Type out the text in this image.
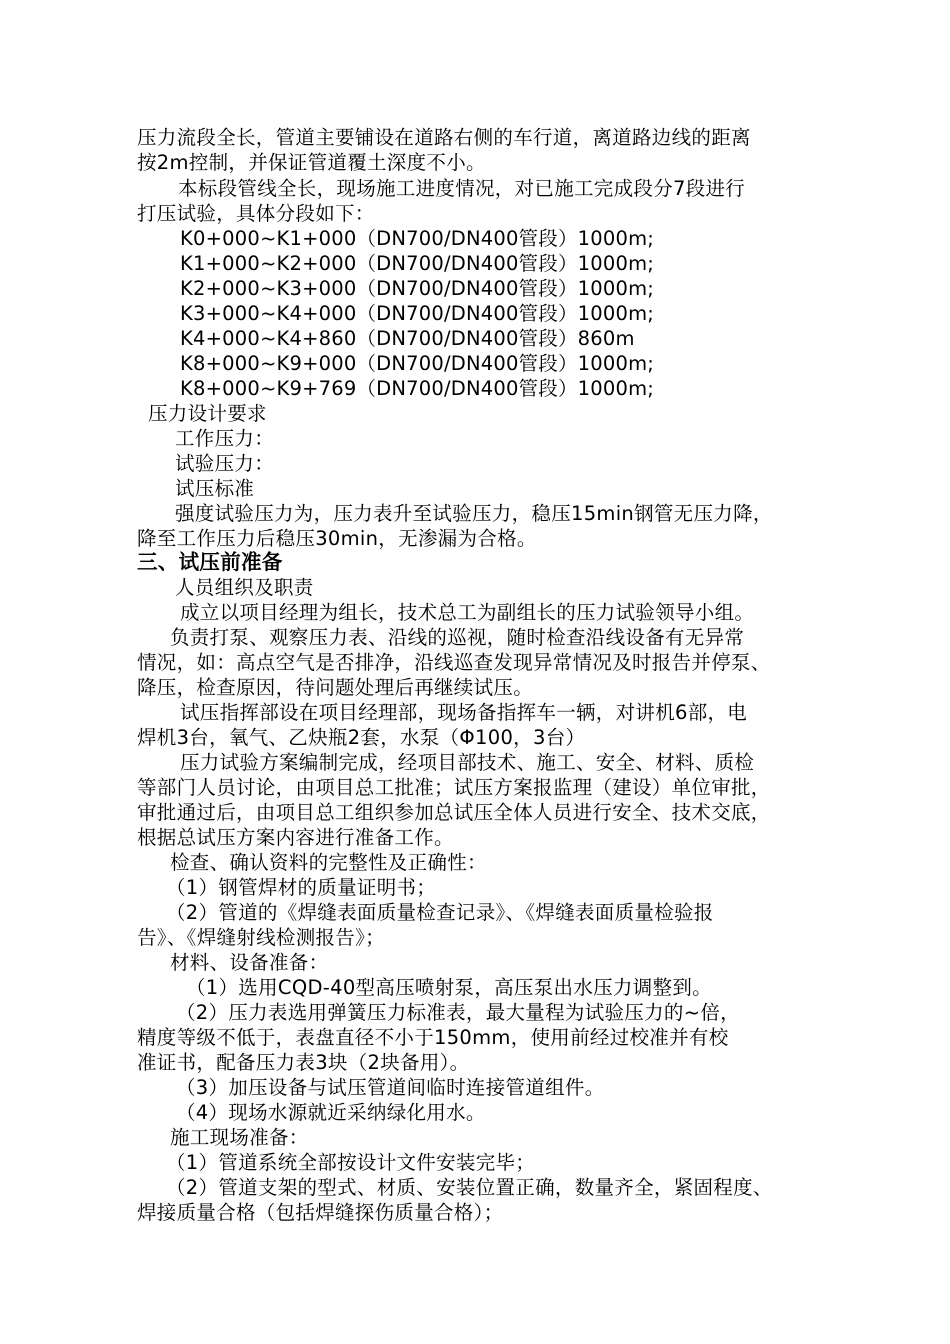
压力流段全长，管道主要铺设在道路右侧的车行道，离道路边线的距离
按2m控制，并保证管道覆土深度不小。
本标段管线全长，现场施工进度情况，对已施工完成段分7段进行
打压试验，具体分段如下：
K0+000~K1+000（DN700/DN400管段）1000m;
K1+000~K2+000（DN700/DN400管段）1000m;
K2+000~K3+000（DN700/DN400管段）1000m;
K3+000~K4+000（DN700/DN400管段）1000m;
K4+000~K4+860（DN700/DN400管段）860m
K8+000~K9+000（DN700/DN400管段）1000m;
K8+000~K9+769（DN700/DN400管段）1000m;
压力设计要求
工作压力：
试验压力：
试压标准
强度试验压力为，压力表升至试验压力，稳压15min钢管无压力降，
降至工作压力后稳压30min，无渗漏为合格。
三、试压前准备
人员组织及职责
成立以项目经理为组长，技术总工为副组长的压力试验领导小组。
负责打泵、观察压力表、沿线的巡视，随时检查沿线设备有无异常
情况，如：高点空气是否排净，沿线巡查发现异常情况及时报告并停泵、
降压，检查原因，待问题处理后再继续试压。
试压指挥部设在项目经理部，现场备指挥车一辆，对讲机6部，电
焊机3台，氧气、乙炔瓶2套，水泵（Φ100，3台）
压力试验方案编制完成，经项目部技术、施工、安全、材料、质检
等部门人员讨论，由项目总工批准；试压方案报监理（建设）单位审批，
审批通过后，由项目总工组织参加总试压全体人员进行安全、技术交底，
根据总试压方案内容进行准备工作。
检查、确认资料的完整性及正确性：
（1）钢管焊材的质量证明书；
（2）管道的《焊缝表面质量检查记录》、《焊缝表面质量检验报
告》、《焊缝射线检测报告》；
材料、设备准备：
（1）选用CQD-40型高压喷射泵，高压泵出水压力调整到。
（2）压力表选用弹簧压力标准表，最大量程为试验压力的~倍，
精度等级不低于，表盘直径不小于150mm，使用前经过校准并有校
准证书，配备压力表3块（2块备用）。
（3）加压设备与试压管道间临时连接管道组件。
（4）现场水源就近采纳绿化用水。
施工现场准备：
（1）管道系统全部按设计文件安装完毕；
（2）管道支架的型式、材质、安装位置正确，数量齐全，紧固程度、
焊接质量合格（包括焊缝探伤质量合格）；
